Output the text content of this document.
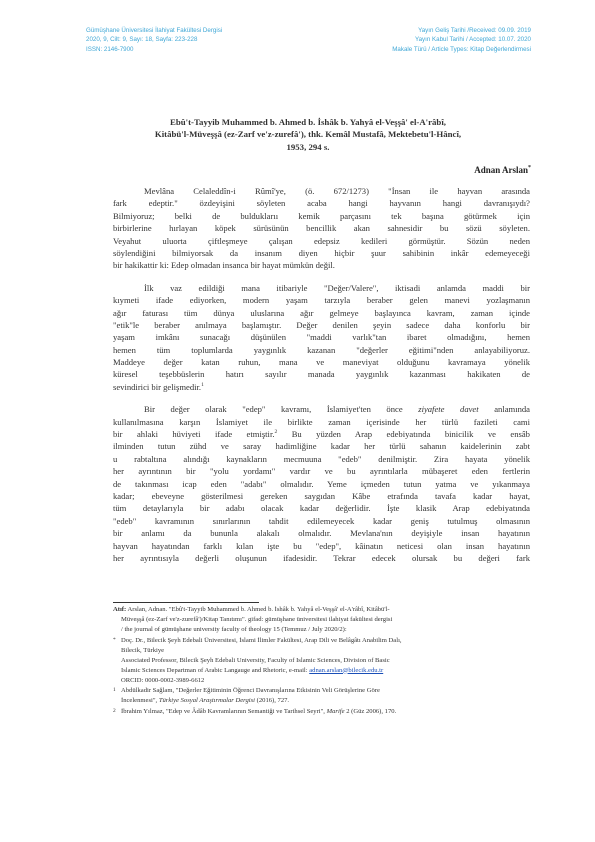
Gümüşhane Üniversitesi İlahiyat Fakültesi Dergisi
2020, 9, Cilt: 9, Sayı: 18, Sayfa: 223-228
ISSN: 2146-7900
Yayın Geliş Tarihi /Received: 09.09. 2019
Yayın Kabul Tarihi / Accepted: 10.07. 2020
Makale Türü / Article Types: Kitap Değerlendirmesi
Ebû't-Tayyib Muhammed b. Ahmed b. İshâk b. Yahyâ el-Veşşâ' el-A'râbî,
Kitâbü'l-Müveşşâ (ez-Zarf ve'z-zurefâ'), thk. Kemâl Mustafâ, Mektebetu'l-Hâncî,
1953, 294 s.
Adnan Arslan*
Mevlâna Celaleddîn-i Rûmî'ye, (ö. 672/1273) "İnsan ile hayvan arasında
fark edeptir." özdeyişini söyleten acaba hangi hayvanın hangi davranışıydı?
Bilmiyoruz; belki de bulduklarıı kemik parçasını tek başına götürmek için
birbirlerine hırlayan köpek sürüsünün bencillik akan sahnesidir bu sözü söyleten.
Veyahut uluorta çiftleşmeye çalışan edepsiz kedileri görmüştür. Sözün neden
söylendiğini bilmiyorsak da insanım diyen hiçbir şuur sahibinin inkâr edemeyeceği
bir hakikattir ki: Edep olmadan insanca bir hayat mümkün değil.
İlk vaz edildiği mana itibariyle "Değer/Valere", iktisadi anlamda maddi bir
kıymeti ifade ediyorken, modern yaşam tarzıyla beraber gelen manevi yozlaşmanın
ağır faturası tüm dünya uluslarına ağır gelmeye başlayınca kavram, zaman içinde
"etik"le beraber anılmaya başlamıştır. Değer denilen şeyin sadece daha konforlu bir
yaşam imkânı sunacağı düşünülen "maddi varlık"tan ibaret olmadığını, hemen
hemen tüm toplumlarda yaygınlık kazanan "değerler eğitimi"nden anlayabiliyoruz.
Maddeye değer katan ruhun, mana ve maneviyat olduğunu kavramaya yönelik
küresel teşebbüslerin hatırı sayılır manada yaygınlık kazanması hakikaten de
sevindirici bir gelişmedir.$^1$
Bir değer olarak "edep" kavramı, İslamiyet'ten önce ziyafete davet anlamında
kullanılmasına karşın İslamiyet ile birlikte zaman içerisinde her türlü fazileti cami
bir ahlaki hüviyeti ifade etmiştir.$^2$ Bu yüzden Arap edebiyatında binicilik ve ensâb
ilminden tutun zühd ve saray hadimliğine kadar her türlü sahanın kaidelerinin zabt
u rabtaltına alındığı kaynakların mecmuuna "edeb" denilmiştir. Zira hayata yönelik
her ayrıntının bir "yolu yordamı" vardır ve bu ayrıntılarla mübaşeret eden fertlerin
de takınması icap eden "adabı" olmalıdır. Yeme içmeden tutun yatma ve yıkanmaya
kadar; ebeveyne gösterilmesi gereken saygıdan Kâbe etrafında tavafa kadar hayat,
tüm detaylarıyla bir adabı olacak kadar değerlidir. İşte klasik Arap edebiyatında
"edeb" kavramının sınırlarının tahdit edilemeyecek kadar geniş tutulmuş olmasının
bir anlamı da bununla alakalı olmalıdır. Mevlana'nın deyişiyle insan hayatının
hayvan hayatından farklı kılan işte bu "edep", kâinatın neticesi olan insan hayatının
her ayrıntısıyla değerli oluşunun ifadesidir. Tekrar edecek olursak bu değeri fark
Atıf: Arslan, Adnan. "Ebû't-Tayyib Muhammed b. Ahmed b. İshâk b. Yahyâ el-Veşşâ' el-A'râbî, Kitâbü'l-
Müveşşâ (ez-Zarf ve'z-zurefâ')/Kitap Tanıtımı". gifad: gümüşhane üniversitesi ilahiyat fakültesi dergisi
/ the journal of gümüşhane university faculty of theology 15 (Temmuz / July 2020/2):
* Doç. Dr., Bilecik Şeyh Edebali Üniversitesi, İslami İlimler Fakültesi, Arap Dili ve Belâgâtı Anabilim Dalı,
Bilecik, Türkiye
Associated Professor, Bilecik Şeyh Edebali University, Faculty of Islamic Sciences, Division of Basic
Islamic Sciences Departman of Arabic Langauge and Rhetoric, e-mail: adnan.arslan@bilecik.edu.tr
ORCID: 0000-0002-3989-6612
1 Abdülkadir Sağlam, "Değerler Eğitiminin Öğrenci Davranışlarına Etkisinin Veli Görüşlerine Göre
İncelenmesi", Türkiye Sosyal Araştırmalar Dergisi (2016), 727.
2 İbrahim Yılmaz, "Edep ve Âdâb Kavramlarının Semantiği ve Tarihsel Seyri", Marife 2 (Güz 2006), 170.
